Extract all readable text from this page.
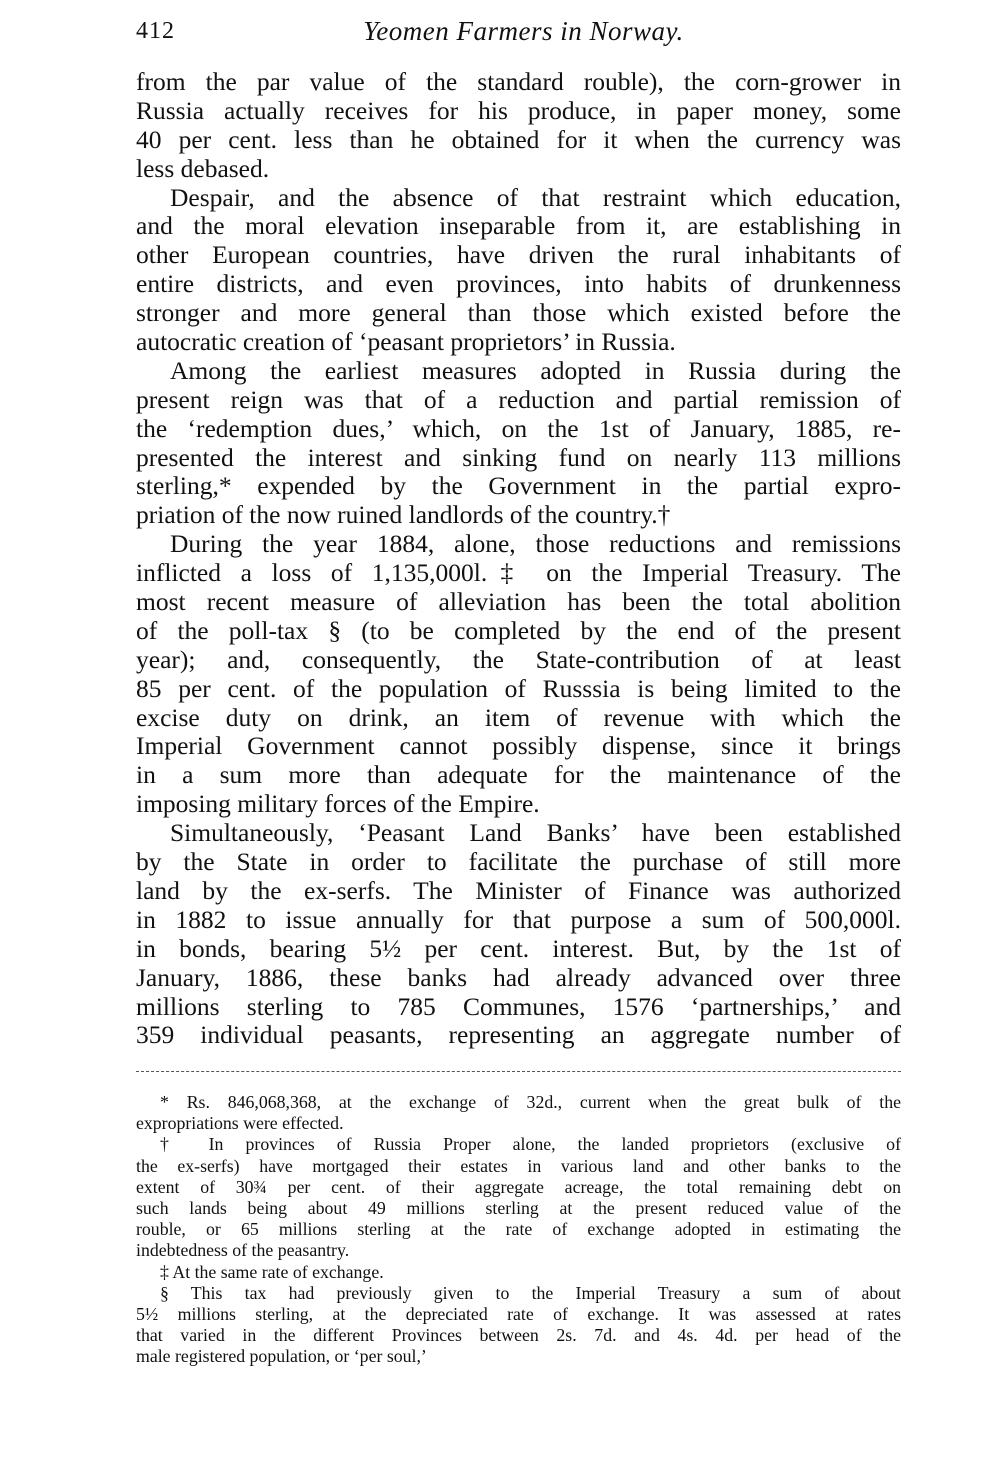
412	Yeomen Farmers in Norway.
from the par value of the standard rouble), the corn-grower in
Russia actually receives for his produce, in paper money, some
40 per cent. less than he obtained for it when the currency was
less debased.
Despair, and the absence of that restraint which education,
and the moral elevation inseparable from it, are establishing in
other European countries, have driven the rural inhabitants of
entire districts, and even provinces, into habits of drunkenness
stronger and more general than those which existed before the
autocratic creation of ‘peasant proprietors’ in Russia.
Among the earliest measures adopted in Russia during the
present reign was that of a reduction and partial remission of
the ‘redemption dues,’ which, on the 1st of January, 1885, re-
presented the interest and sinking fund on nearly 113 millions
sterling,* expended by the Government in the partial expro-
priation of the now ruined landlords of the country.†
During the year 1884, alone, those reductions and remissions
inflicted a loss of 1,135,000l.‡ on the Imperial Treasury. The
most recent measure of alleviation has been the total abolition
of the poll-tax § (to be completed by the end of the present
year); and, consequently, the State-contribution of at least
85 per cent. of the population of Russsia is being limited to the
excise duty on drink, an item of revenue with which the
Imperial Government cannot possibly dispense, since it brings
in a sum more than adequate for the maintenance of the
imposing military forces of the Empire.
Simultaneously, ‘Peasant Land Banks’ have been established
by the State in order to facilitate the purchase of still more
land by the ex-serfs. The Minister of Finance was authorized
in 1882 to issue annually for that purpose a sum of 500,000l.
in bonds, bearing 5½ per cent. interest. But, by the 1st of
January, 1886, these banks had already advanced over three
millions sterling to 785 Communes, 1576 ‘partnerships,’ and
359 individual peasants, representing an aggregate number of
* Rs. 846,068,368, at the exchange of 32d., current when the great bulk of the
expropriations were effected.
† In provinces of Russia Proper alone, the landed proprietors (exclusive of
the ex-serfs) have mortgaged their estates in various land and other banks to the
extent of 30¾ per cent. of their aggregate acreage, the total remaining debt on
such lands being about 49 millions sterling at the present reduced value of the
rouble, or 65 millions sterling at the rate of exchange adopted in estimating the
indebtedness of the peasantry.
‡ At the same rate of exchange.
§ This tax had previously given to the Imperial Treasury a sum of about
5½ millions sterling, at the depreciated rate of exchange. It was assessed at rates
that varied in the different Provinces between 2s. 7d. and 4s. 4d. per head of the
male registered population, or ‘per soul,’
